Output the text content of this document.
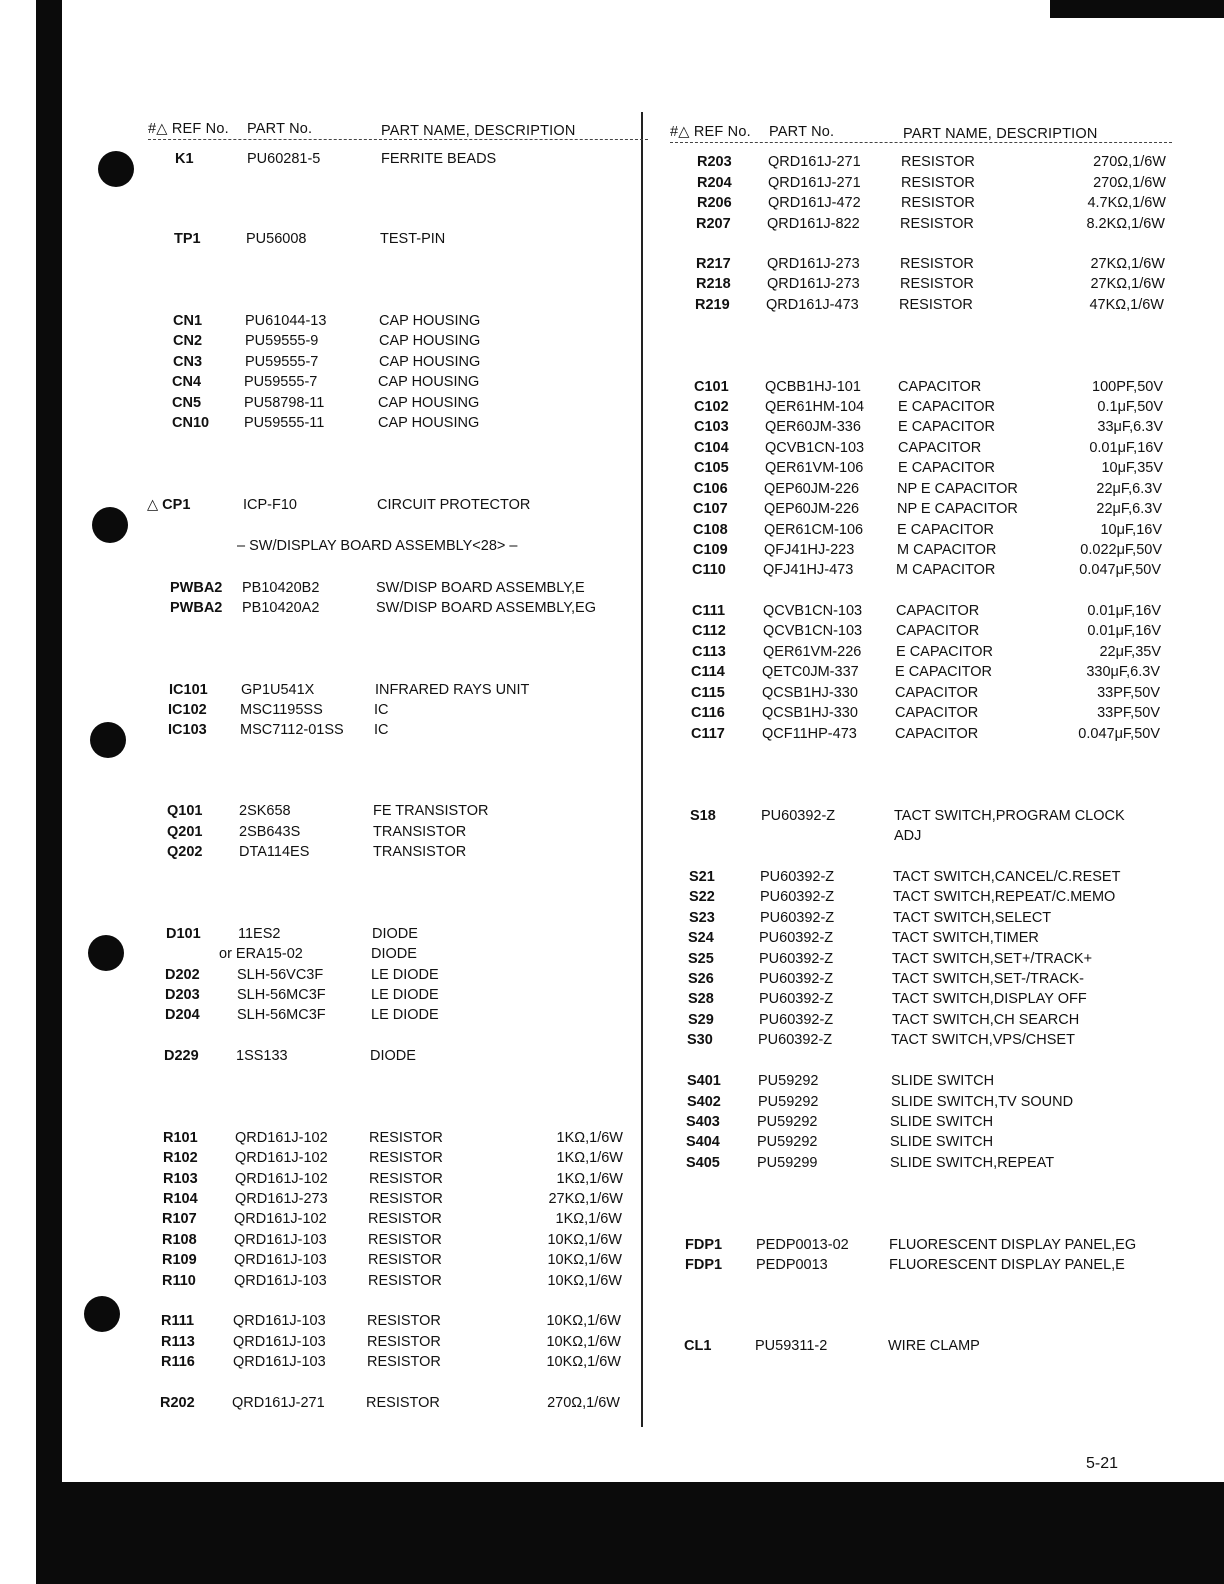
#△ REF No. PART No.	PART NAME, DESCRIPTION	#△ REF No. PART No.	PART NAME, DESCRIPTION
– SW/DISPLAY BOARD ASSEMBLY<28> –
K1	PU60281-5	FERRITE BEADS
TP1	PU56008	TEST-PIN
CN1	PU61044-13	CAP HOUSING
CN2	PU59555-9	CAP HOUSING
CN3	PU59555-7	CAP HOUSING
CN4	PU59555-7	CAP HOUSING
CN5	PU58798-11	CAP HOUSING
CN10 PU59555-11	CAP HOUSING
△ CP1	ICP-F10	CIRCUIT PROTECTOR
PWBA2 PB10420B2	SW/DISP BOARD ASSEMBLY,E
PWBA2 PB10420A2	SW/DISP BOARD ASSEMBLY,EG
IC101 GP1U541X	INFRARED RAYS UNIT
IC102 MSC1195SS	IC
IC103 MSC7112-01SS IC
Q101	2SK658	FE TRANSISTOR
Q201	2SB643S	TRANSISTOR
Q202	DTA114ES	TRANSISTOR
D101	11ES2	DIODE
or ERA15-02	DIODE
D202	SLH-56VC3F	LE DIODE
D203	SLH-56MC3F	LE DIODE
D204	SLH-56MC3F	LE DIODE
D229	1SS133	DIODE
R101	QRD161J-102	RESISTOR	1KΩ,1/6W
R102	QRD161J-102	RESISTOR	1KΩ,1/6W
R103	QRD161J-102	RESISTOR	1KΩ,1/6W
R104	QRD161J-273	RESISTOR	27KΩ,1/6W
R107	QRD161J-102	RESISTOR	1KΩ,1/6W
R108	QRD161J-103	RESISTOR	10KΩ,1/6W
R109	QRD161J-103	RESISTOR	10KΩ,1/6W
R110	QRD161J-103	RESISTOR	10KΩ,1/6W
R111	QRD161J-103	RESISTOR	10KΩ,1/6W
R113	QRD161J-103	RESISTOR	10KΩ,1/6W
R116	QRD161J-103	RESISTOR	10KΩ,1/6W
R202	QRD161J-271	RESISTOR	270Ω,1/6W
R203	QRD161J-271	RESISTOR	270Ω,1/6W
R204	QRD161J-271	RESISTOR	270Ω,1/6W
R206	QRD161J-472	RESISTOR	4.7KΩ,1/6W
R207	QRD161J-822	RESISTOR	8.2KΩ,1/6W
R217	QRD161J-273	RESISTOR	27KΩ,1/6W
R218	QRD161J-273	RESISTOR	27KΩ,1/6W
R219	QRD161J-473	RESISTOR	47KΩ,1/6W
C101	QCBB1HJ-101	CAPACITOR	100PF,50V
C102	QER61HM-104 E CAPACITOR	0.1μF,50V
C103	QER60JM-336	E CAPACITOR	33μF,6.3V
C104	QCVB1CN-103 CAPACITOR	0.01μF,16V
C105	QER61VM-106 E CAPACITOR	10μF,35V
C106	QEP60JM-226	NP E CAPACITOR	22μF,6.3V
C107	QEP60JM-226	NP E CAPACITOR	22μF,6.3V
C108	QER61CM-106 E CAPACITOR	10μF,16V
C109	QFJ41HJ-223	M CAPACITOR	0.022μF,50V
C110	QFJ41HJ-473	M CAPACITOR	0.047μF,50V
C111	QCVB1CN-103 CAPACITOR	0.01μF,16V
C112	QCVB1CN-103 CAPACITOR	0.01μF,16V
C113	QER61VM-226 E CAPACITOR	22μF,35V
C114	QETC0JM-337	E CAPACITOR	330μF,6.3V
C115	QCSB1HJ-330	CAPACITOR	33PF,50V
C116	QCSB1HJ-330	CAPACITOR	33PF,50V
C117	QCF11HP-473	CAPACITOR	0.047μF,50V
S18	PU60392-Z	TACT SWITCH,PROGRAM CLOCK
ADJ
S21	PU60392-Z	TACT SWITCH,CANCEL/C.RESET
S22	PU60392-Z	TACT SWITCH,REPEAT/C.MEMO
S23	PU60392-Z	TACT SWITCH,SELECT
S24	PU60392-Z	TACT SWITCH,TIMER
S25	PU60392-Z	TACT SWITCH,SET+/TRACK+
S26	PU60392-Z	TACT SWITCH,SET-/TRACK-
S28	PU60392-Z	TACT SWITCH,DISPLAY OFF
S29	PU60392-Z	TACT SWITCH,CH SEARCH
S30	PU60392-Z	TACT SWITCH,VPS/CHSET
S401	PU59292	SLIDE SWITCH
S402	PU59292	SLIDE SWITCH,TV SOUND
S403	PU59292	SLIDE SWITCH
S404	PU59292	SLIDE SWITCH
S405	PU59299	SLIDE SWITCH,REPEAT
FDP1 PEDP0013-02	FLUORESCENT DISPLAY PANEL,EG
FDP1 PEDP0013	FLUORESCENT DISPLAY PANEL,E
CL1	PU59311-2	WIRE CLAMP
5-21
